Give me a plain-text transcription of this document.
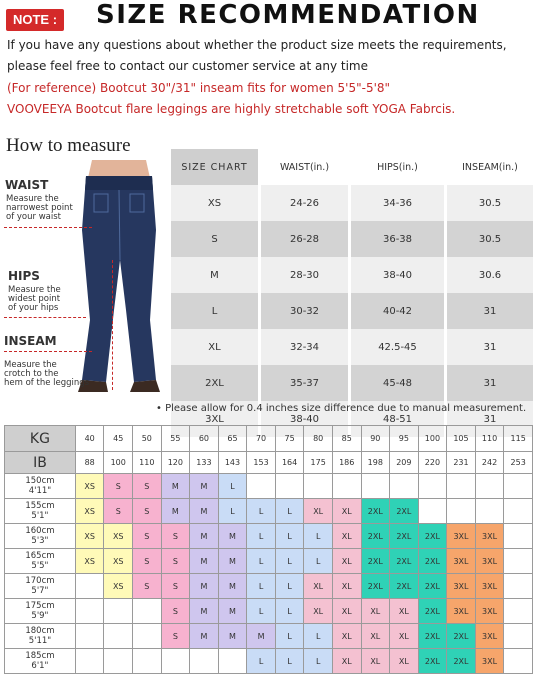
NOTE : SIZE RECOMMENDATION
If you have any questions about whether the product size meets the requirements,
please feel free to contact our customer service at any time
(For reference) Bootcut 30"/31" inseam fits for women 5'5"-5'8"
VOOVEEYA Bootcut flare leggings are highly stretchable soft YOGA Fabrcis.
How to measure
WAIST
Measure the
narrowest point
of your waist
HIPS
Measure the
widest point
of your hips
INSEAM
Measure the
crotch to the
hem of the leggings
SIZE CHART	WAIST(in.)	HIPS(in.)	INSEAM(in.)
XS	24-26	34-36	30.5
S	26-28	36-38	30.5
M	28-30	38-40	30.6
L	30-32	40-42	31
XL	32-34	42.5-45	31
2XL	35-37	45-48	31
3XL	38-40	48-51	31
• Please allow for 0.4 inches size difference due to manual measurement.
KG	40	45	50	55	60	65	70	75	80	85	90	95	100	105	110	115
IB	88	100	110	120	133	143	153	164	175	186	198	209	220	231	242	253

150cm
4'11"	XS	S	S	M	M	L										

155cm
5'1"	XS	S	S	M	M	L	L	L	XL	XL	2XL	2XL				

160cm
5'3"	XS	XS	S	S	M	M	L	L	L	XL	2XL	2XL	2XL	3XL	3XL	

165cm
5'5"	XS	XS	S	S	M	M	L	L	L	XL	2XL	2XL	2XL	3XL	3XL	

170cm
5'7"		XS	S	S	M	M	L	L	XL	XL	2XL	2XL	2XL	3XL	3XL	

175cm
5'9"				S	M	M	L	L	XL	XL	XL	XL	2XL	3XL	3XL	

180cm
5'11"				S	M	M	M	L	L	XL	XL	XL	2XL	2XL	3XL	

185cm
6'1"							L	L	L	XL	XL	XL	2XL	2XL	3XL	
